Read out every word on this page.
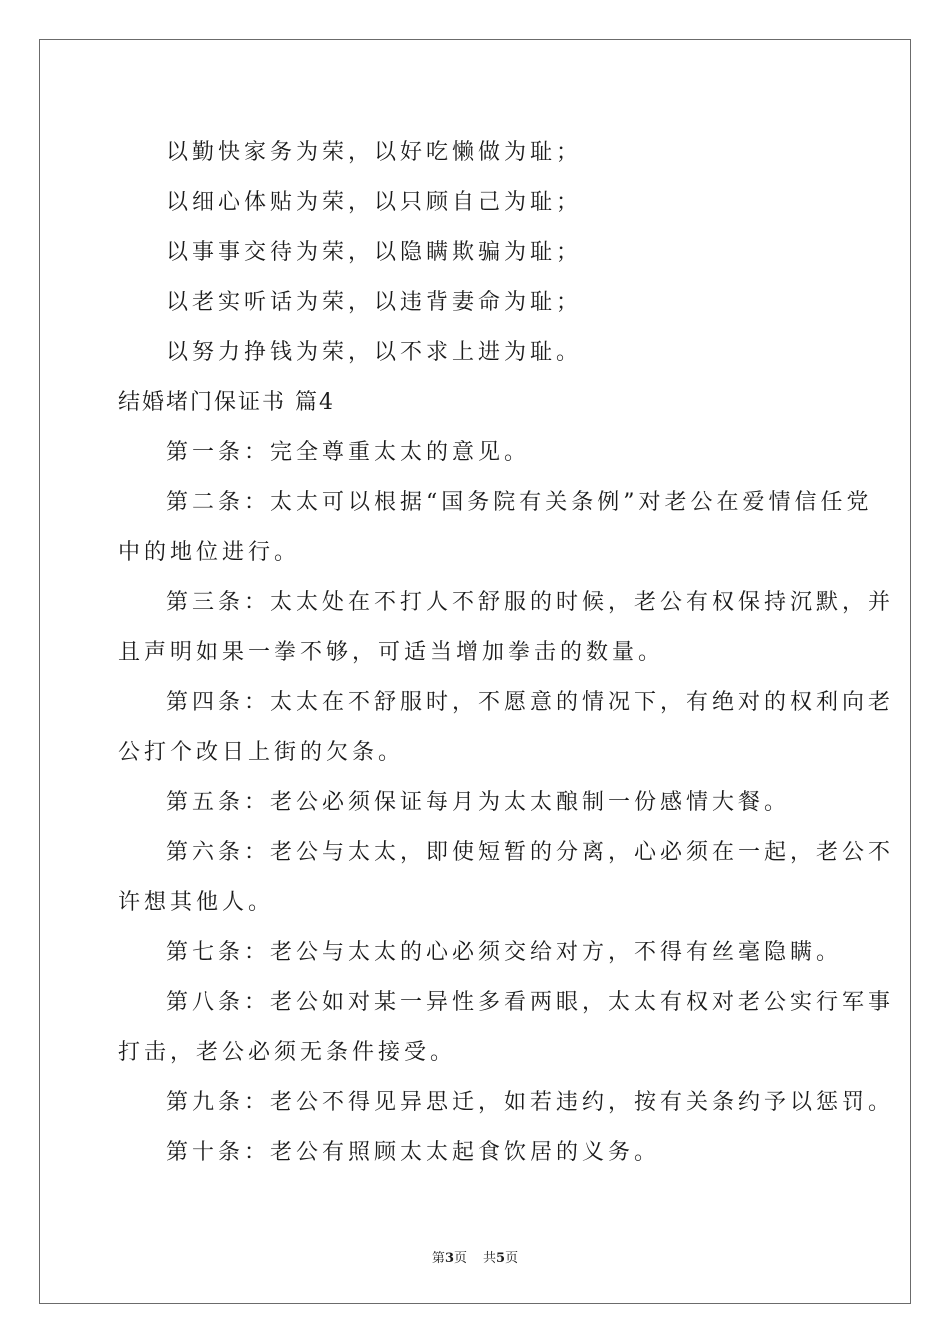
以勤快家务为荣，以好吃懒做为耻；

以细心体贴为荣，以只顾自己为耻；

以事事交待为荣，以隐瞒欺骗为耻；

以老实听话为荣，以违背妻命为耻；

以努力挣钱为荣，以不求上进为耻。

结婚堵门保证书 篇4

第一条：完全尊重太太的意见。

第二条：太太可以根据“国务院有关条例”对老公在爱情信任党

中的地位进行。

第三条：太太处在不打人不舒服的时候，老公有权保持沉默，并

且声明如果一拳不够，可适当增加拳击的数量。

第四条：太太在不舒服时，不愿意的情况下，有绝对的权利向老

公打个改日上街的欠条。

第五条：老公必须保证每月为太太酿制一份感情大餐。

第六条：老公与太太，即使短暂的分离，心必须在一起，老公不

许想其他人。

第七条：老公与太太的心必须交给对方，不得有丝毫隐瞒。

第八条：老公如对某一异性多看两眼，太太有权对老公实行军事

打击，老公必须无条件接受。

第九条：老公不得见异思迁，如若违约，按有关条约予以惩罚。

第十条：老公有照顾太太起食饮居的义务。

第3页 共5页
